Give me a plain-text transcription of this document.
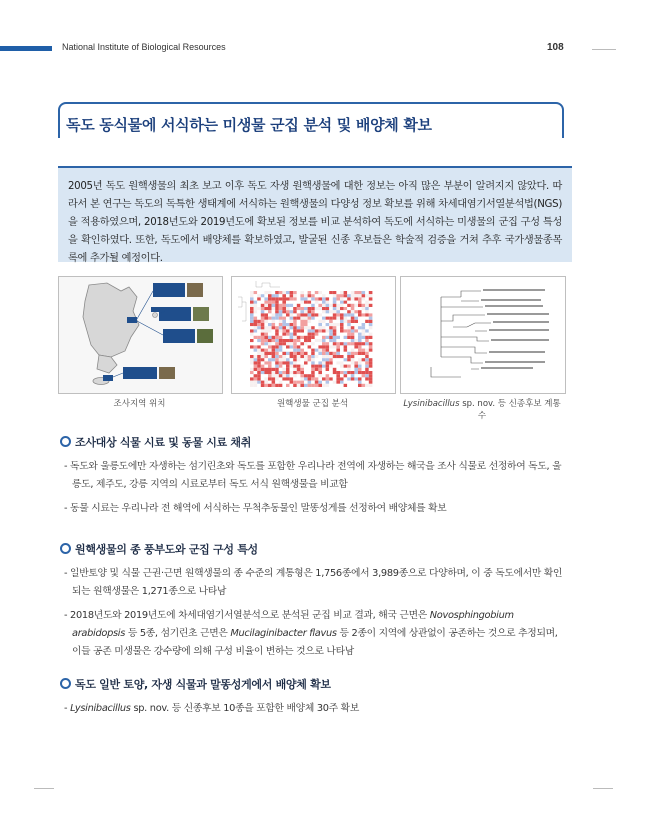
National Institute of Biological Resources	108
독도 동식물에 서식하는 미생물 군집 분석 및 배양체 확보

2005년 독도 원핵생물의 최초 보고 이후 독도 자생 원핵생물에 대한 정보는 아직 많은 부분이 알려지지 않았다. 따라서 본 연구는 독도의 독특한 생태계에 서식하는 원핵생물의 다양성 정보 확보를 위해 차세대염기서열분석법(NGS)을 적용하였으며, 2018년도와 2019년도에 확보된 정보를 비교 분석하여 독도에 서식하는 미생물의 군집 구성 특성을 확인하였다. 또한, 독도에서 배양체를 확보하였고, 발굴된 신종 후보들은 학술적 검증을 거쳐 추후 국가생물종목록에 추가될 예정이다.

조사지역 위치	원핵생물 군집 분석	Lysinibacillus sp. nov. 등 신종후보 계통수
조사대상 식물 시료 및 동물 시료 채취
- 독도와 울릉도에만 자생하는 섬기린초와 독도를 포함한 우리나라 전역에 자생하는 해국을 조사 식물로 선정하여 독도, 울릉도, 제주도, 강릉 지역의 시료로부터 독도 서식 원핵생물을 비교함
- 동물 시료는 우리나라 전 해역에 서식하는 무척추동물인 말똥성게를 선정하여 배양체를 확보
원핵생물의 종 풍부도와 군집 구성 특성
- 일반토양 및 식물 근권·근면 원핵생물의 종 수준의 계통형은 1,756종에서 3,989종으로 다양하며, 이 중 독도에서만 확인되는 원핵생물은 1,271종으로 나타남
- 2018년도와 2019년도에 차세대염기서열분석으로 분석된 군집 비교 결과, 해국 근면은 Novosphingobium arabidopsis 등 5종, 섬기린초 근면은 Mucilaginibacter flavus 등 2종이 지역에 상관없이 공존하는 것으로 추정되며, 이들 공존 미생물은 강수량에 의해 구성 비율이 변하는 것으로 나타남
독도 일반 토양, 자생 식물과 말똥성게에서 배양체 확보
- Lysinibacillus sp. nov. 등 신종후보 10종을 포함한 배양체 30주 확보
